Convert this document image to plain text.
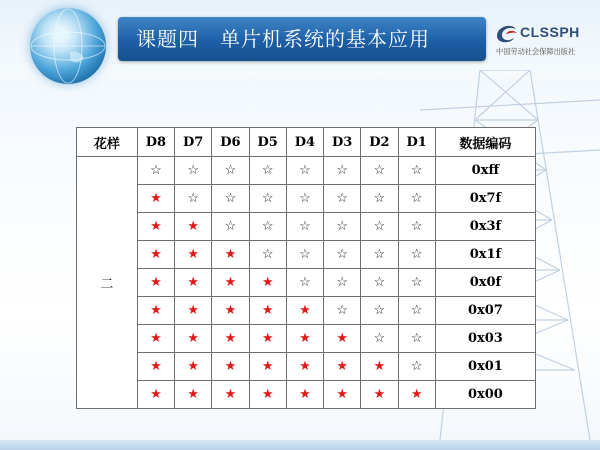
课题四　单片机系统的基本应用	CLSSPH
中国劳动社会保障出版社
花样	D8	D7	D6	D5	D4	D3	D2	D1	数据编码
二	☆	☆	☆	☆	☆	☆	☆	☆	0xff
	★	☆	☆	☆	☆	☆	☆	☆	0x7f
	★	★	☆	☆	☆	☆	☆	☆	0x3f
	★	★	★	☆	☆	☆	☆	☆	0x1f
	★	★	★	★	☆	☆	☆	☆	0x0f
	★	★	★	★	★	☆	☆	☆	0x07
	★	★	★	★	★	★	☆	☆	0x03
	★	★	★	★	★	★	★	☆	0x01
	★	★	★	★	★	★	★	★	0x00
